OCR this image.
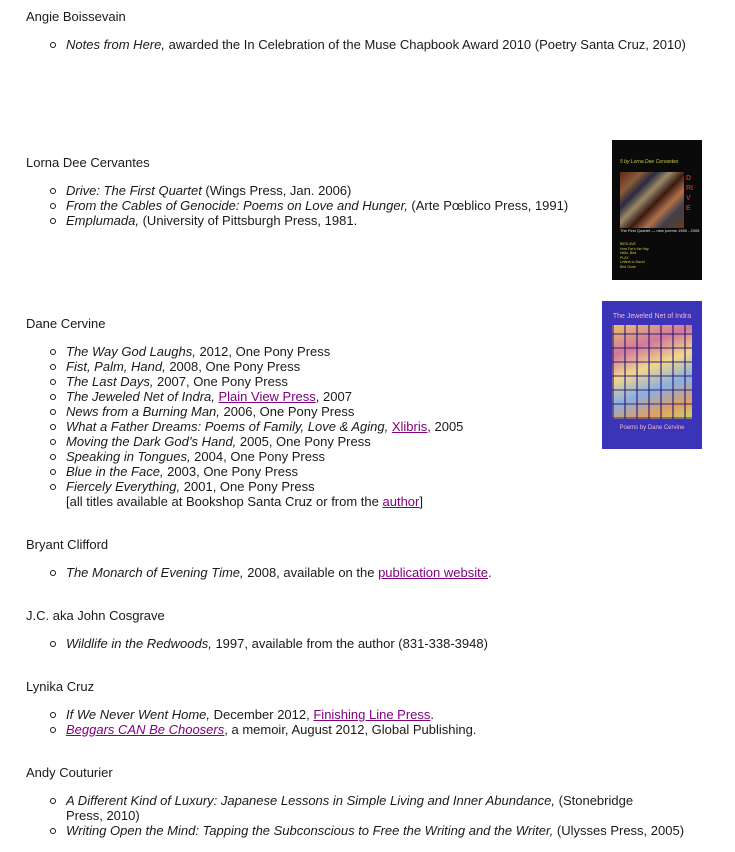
Angie Boissevain
Notes from Here, awarded the In Celebration of the Muse Chapbook Award 2010 (Poetry Santa Cruz, 2010)
Lorna Dee Cervantes	5 by Lorna Dee Cervantes
DRIVE
The First Quartet — new poems 1980 - 2005
BIRD AVE
How Far's the Hay
Hello, Bird
PLAY
Letters to David
Bird Gone
Drive: The First Quartet (Wings Press, Jan. 2006)
From the Cables of Genocide: Poems on Love and Hunger, (Arte Pœblico Press, 1991)
Emplumada, (University of Pittsburgh Press, 1981.
Dane Cervine	The Jeweled Net of Indra
Poems by Dane Cervine
The Way God Laughs, 2012, One Pony Press
Fist, Palm, Hand, 2008, One Pony Press
The Last Days, 2007, One Pony Press
The Jeweled Net of Indra, Plain View Press, 2007
News from a Burning Man, 2006, One Pony Press
What a Father Dreams: Poems of Family, Love & Aging, Xlibris, 2005
Moving the Dark God’s Hand, 2005, One Pony Press
Speaking in Tongues, 2004, One Pony Press
Blue in the Face, 2003, One Pony Press
Fiercely Everything, 2001, One Pony Press
[all titles available at Bookshop Santa Cruz or from the author]
Bryant Clifford
The Monarch of Evening Time, 2008, available on the publication website.
J.C. aka John Cosgrave
Wildlife in the Redwoods, 1997, available from the author (831-338-3948)
Lynika Cruz
If We Never Went Home, December 2012, Finishing Line Press.
Beggars CAN Be Choosers, a memoir, August 2012, Global Publishing.
Andy Couturier
A Different Kind of Luxury: Japanese Lessons in Simple Living and Inner Abundance, (Stonebridge Press, 2010)
Writing Open the Mind: Tapping the Subconscious to Free the Writing and the Writer, (Ulysses Press, 2005)
